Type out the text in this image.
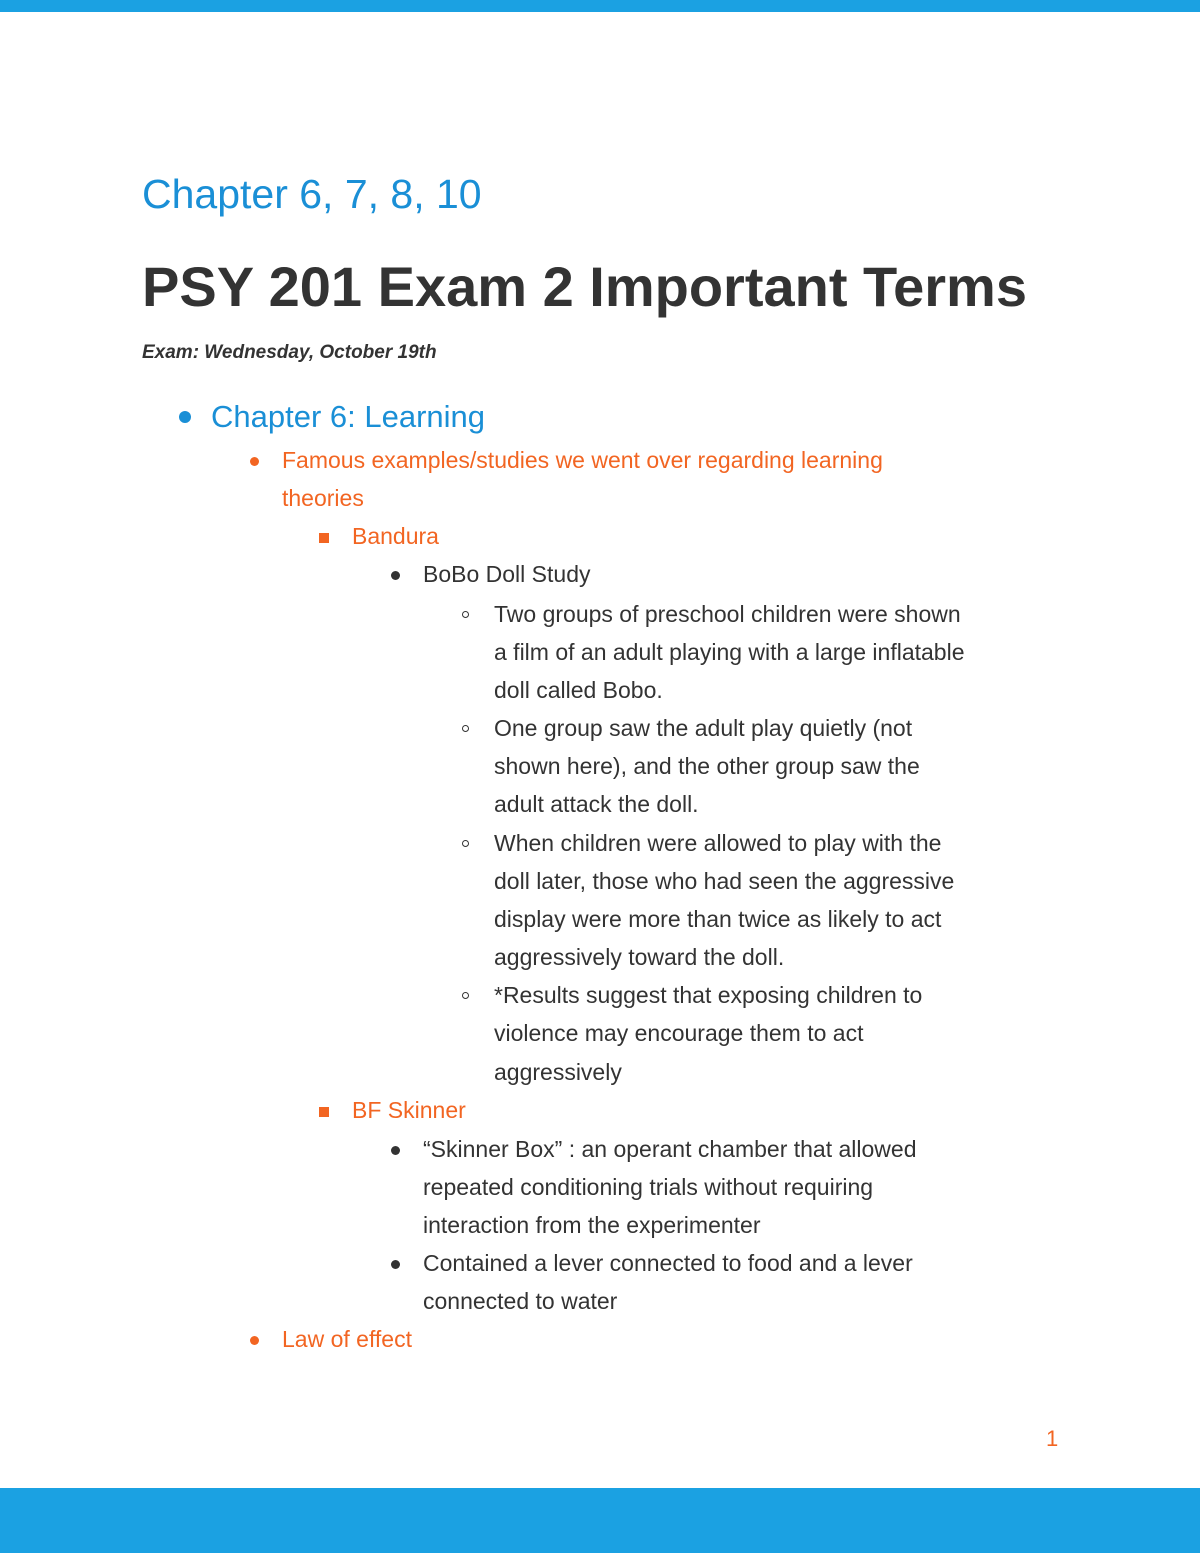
Chapter 6, 7, 8, 10
PSY 201 Exam 2 Important Terms
Exam: Wednesday, October 19th
Chapter 6: Learning
Famous examples/studies we went over regarding learning
theories
Bandura
BoBo Doll Study
Two groups of preschool children were shown
a film of an adult playing with a large inflatable
doll called Bobo.
One group saw the adult play quietly (not
shown here), and the other group saw the
adult attack the doll.
When children were allowed to play with the
doll later, those who had seen the aggressive
display were more than twice as likely to act
aggressively toward the doll.
*Results suggest that exposing children to
violence may encourage them to act
aggressively
BF Skinner
“Skinner Box” : an operant chamber that allowed
repeated conditioning trials without requiring
interaction from the experimenter
Contained a lever connected to food and a lever
connected to water
Law of effect
1
